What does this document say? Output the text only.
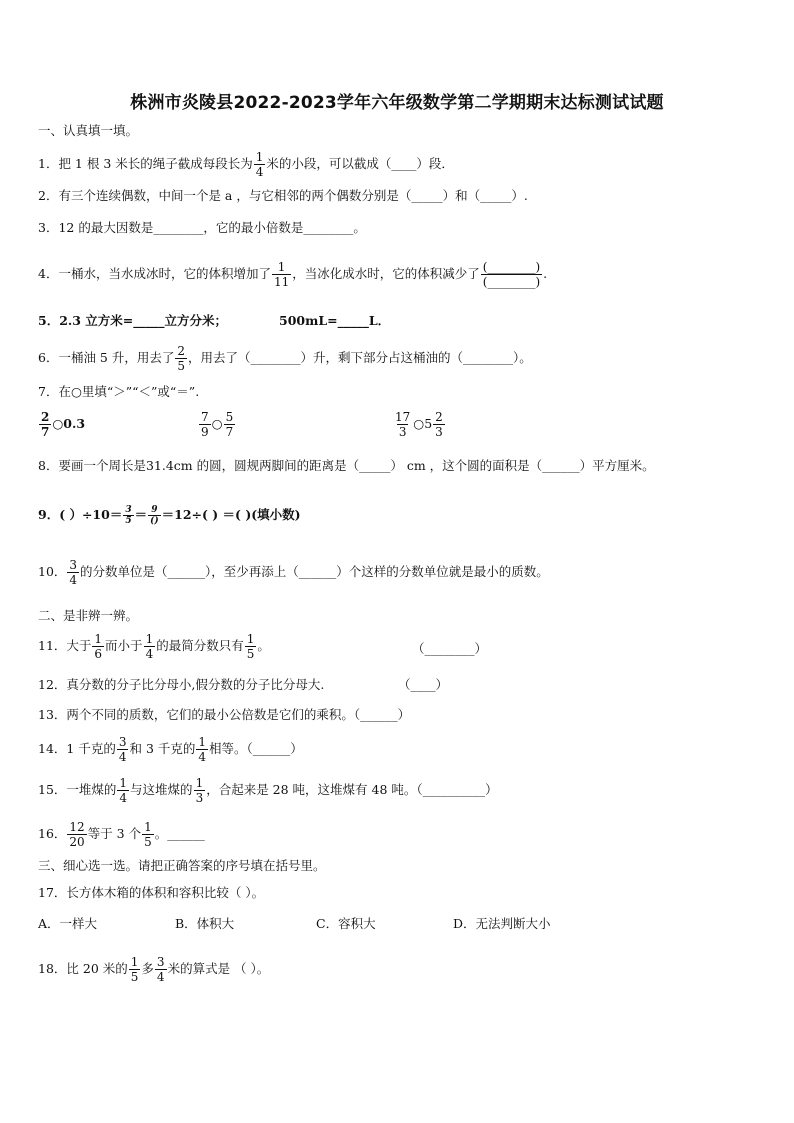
株洲市炎陵县2022-2023学年六年级数学第二学期期末达标测试试题
一、认真填一填。
1．把 1 根 3 米长的绳子截成每段长为 $\frac{1}{4}$ 米的小段，可以截成（____）段．
2．有三个连续偶数，中间一个是 a ，与它相邻的两个偶数分别是（_____）和（_____）.
3．12 的最大因数是________，它的最小倍数是________。
4．一桶水，当水成冰时，它的体积增加了 $\frac{1}{11}$ ，当冰化成水时，它的体积减少了 (________)
(________)
.
5．2.3 立方米=_____立方分米；	500mL=_____L．
6．一桶油 5 升，用去了 $\frac{2}{5}$ ，用去了（________）升，剩下部分占这桶油的（________）。
7．在○里填“＞”“＜”或“＝”.
$\frac{2}{7}$ ○0.3	$\frac{7}{9}$ ○ $\frac{5}{7}$	$\frac{17}{3}$ ○5 $\frac{2}{3}$
8．要画一个周长是31.4cm 的圆，圆规两脚间的距离是（_____） cm ，这个圆的面积是（______）平方厘米。
9．( ）$\div 10= \frac{3}{5} = 9$
() ＝12÷( ) ＝( )(填小数)
10． $\frac{3}{4}$ 的分数单位是（______），至少再添上（______）个这样的分数单位就是最小的质数。
二、是非辨一辨。
11．大于 $\frac{1}{6}$ 而小于 $\frac{1}{4}$ 的最简分数只有 $\frac{1}{5}$ 。	（________）
12．真分数的分子比分母小,假分数的分子比分母大.	（____）
13．两个不同的质数，它们的最小公倍数是它们的乘积。（______）
14．1 千克的 $\frac{3}{4}$ 和 3 千克的 $\frac{1}{4}$ 相等。（______）
15．一堆煤的 $\frac{1}{4}$ 与这堆煤的 $\frac{1}{3}$ ，合起来是 28 吨，这堆煤有 48 吨。（__________）
16． $\frac{12}{20}$ 等于 3 个 $\frac{1}{5}$ 。______
三、细心选一选。请把正确答案的序号填在括号里。
17．长方体木箱的体积和容积比较（ ）。
A．一样大	B．体积大	C．容积大	D．无法判断大小
18．比 20 米的 $\frac{1}{5}$ 多 $\frac{3}{4}$ 米的算式是 （ ）。
